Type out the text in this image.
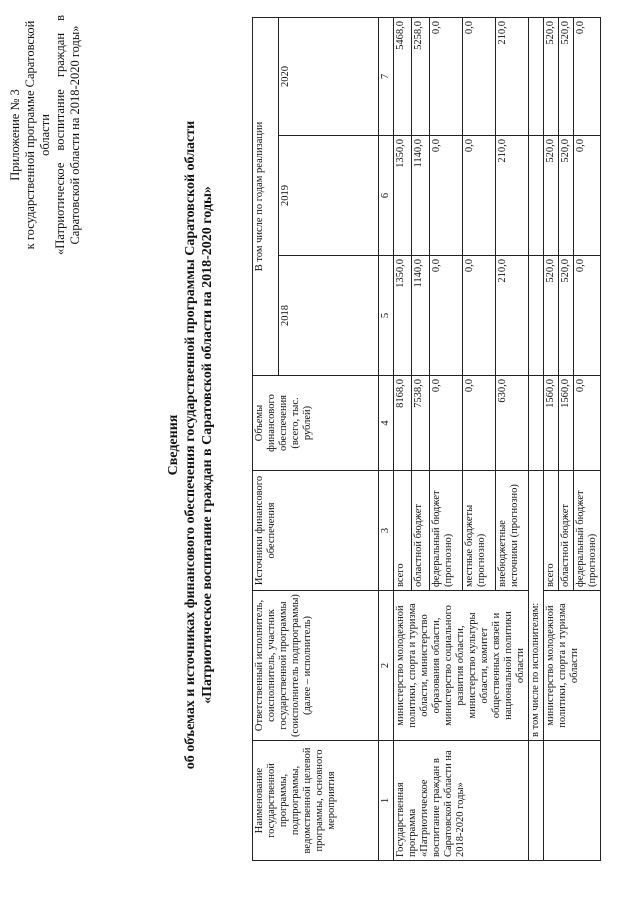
Приложение № 3 к государственной программе Саратовской области «Патриотическое воспитание граждан в Саратовской области на 2018-2020 годы»
Сведения об объемах и источниках финансового обеспечения государственной программы Саратовской области «Патриотическое воспитание граждан в Саратовской области на 2018-2020 годы»
Наименование государственной программы, подпрограммы, ведомственной целевой программы, основного мероприятия	Ответственный исполнитель, соисполнитель, участник государственной программы (соисполнитель подпрограммы) (далее – исполнитель)	Источники финансового обеспечения	Объемы финансового обеспечения (всего, тыс. рублей)	В том числе по годам реализации		
				2018	2019	2020
1	2	3	4	5	6	7
Государственная программа «Патриотическое воспитание граждан в Саратовской области на 2018-2020 годы»	министерство молодежной политики, спорта и туризма области, министерство образования области, министерство социального развития области, министерство культуры области, комитет общественных связей и национальной политики области	всего	8168,0	1350,0	1350,0	5468,0
		областной бюджет	7538,0	1140,0	1140,0	5258,0
		федеральный бюджет (прогнозно)	0,0	0,0	0,0	0,0
		местные бюджеты (прогнозно)	0,0	0,0	0,0	0,0
		внебюджетные источники (прогнозно)	630,0	210,0	210,0	210,0
	в том числе по исполнителям:					
	министерство молодежной политики, спорта и туризма области	всего	1560,0	520,0	520,0	520,0
		областной бюджет	1560,0	520,0	520,0	520,0
		федеральный бюджет (прогнозно)	0,0	0,0	0,0	0,0
